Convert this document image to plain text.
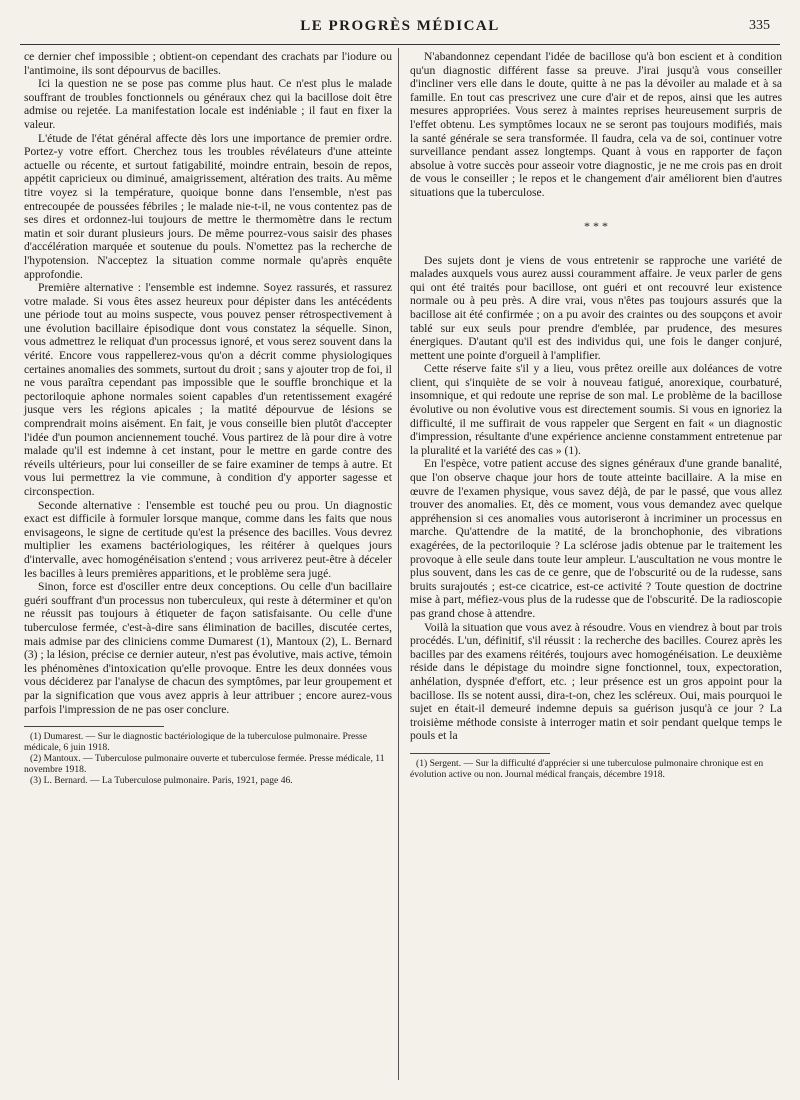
LE PROGRÈS MÉDICAL	335

ce dernier chef impossible ; obtient-on cependant des crachats par l'iodure ou l'antimoine, ils sont dépourvus de bacilles.

Ici la question ne se pose pas comme plus haut. Ce n'est plus le malade souffrant de troubles fonctionnels ou généraux chez qui la bacillose doit être admise ou rejetée. La manifestation locale est indéniable ; il faut en fixer la valeur.

L'étude de l'état général affecte dès lors une importance de premier ordre. Portez-y votre effort. Cherchez tous les troubles révélateurs d'une atteinte actuelle ou récente, et surtout fatigabilité, moindre entrain, besoin de repos, appétit capricieux ou diminué, amaigrissement, altération des traits. Au même titre voyez si la température, quoique bonne dans l'ensemble, n'est pas entrecoupée de poussées fébriles ; le malade nie-t-il, ne vous contentez pas de ses dires et ordonnez-lui toujours de mettre le thermomètre dans le rectum matin et soir durant plusieurs jours. De même pourrez-vous saisir des phases d'accélération marquée et soutenue du pouls. N'omettez pas la recherche de l'hypotension. N'acceptez la situation comme normale qu'après enquête approfondie.

Première alternative : l'ensemble est indemne. Soyez rassurés, et rassurez votre malade. Si vous êtes assez heureux pour dépister dans les antécédents une période tout au moins suspecte, vous pouvez penser rétrospectivement à une évolution bacillaire épisodique dont vous constatez la séquelle. Sinon, vous admettrez le reliquat d'un processus ignoré, et vous serez souvent dans la vérité. Encore vous rappellerez-vous qu'on a décrit comme physiologiques certaines anomalies des sommets, surtout du droit ; sans y ajouter trop de foi, il ne vous paraîtra cependant pas impossible que le souffle bronchique et la pectoriloquie aphone normales soient capables d'un retentissement exagéré jusque vers les régions apicales ; la matité dépourvue de lésions se comprendrait moins aisément. En fait, je vous conseille bien plutôt d'accepter l'idée d'un poumon anciennement touché. Vous partirez de là pour dire à votre malade qu'il est indemne à cet instant, pour le mettre en garde contre des réveils ultérieurs, pour lui conseiller de se faire examiner de temps à autre. Et vous lui permettrez la vie commune, à condition d'y apporter sagesse et circonspection.

Seconde alternative : l'ensemble est touché peu ou prou. Un diagnostic exact est difficile à formuler lorsque manque, comme dans les faits que nous envisageons, le signe de certitude qu'est la présence des bacilles. Vous devrez multiplier les examens bactériologiques, les réitérer à quelques jours d'intervalle, avec homogénéisation s'entend ; vous arriverez peut-être à déceler les bacilles à leurs premières apparitions, et le problème sera jugé.

Sinon, force est d'osciller entre deux conceptions. Ou celle d'un bacillaire guéri souffrant d'un processus non tuberculeux, qui reste à déterminer et qu'on ne réussit pas toujours à étiqueter de façon satisfaisante. Ou celle d'une tuberculose fermée, c'est-à-dire sans élimination de bacilles, discutée certes, mais admise par des cliniciens comme Dumarest (1), Mantoux (2), L. Bernard (3) ; la lésion, précise ce dernier auteur, n'est pas évolutive, mais active, témoin les phénomènes d'intoxication qu'elle provoque. Entre les deux données vous vous déciderez par l'analyse de chacun des symptômes, par leur groupement et par la signification que vous avez appris à leur attribuer ; encore aurez-vous parfois l'impression de ne pas oser conclure.

(1) Dumarest. — Sur le diagnostic bactériologique de la tuberculose pulmonaire. Presse médicale, 6 juin 1918.
(2) Mantoux. — Tuberculose pulmonaire ouverte et tuberculose fermée. Presse médicale, 11 novembre 1918.
(3) L. Bernard. — La Tuberculose pulmonaire. Paris, 1921, page 46.

N'abandonnez cependant l'idée de bacillose qu'à bon escient et à condition qu'un diagnostic différent fasse sa preuve. J'irai jusqu'à vous conseiller d'incliner vers elle dans le doute, quitte à ne pas la dévoiler au malade et à sa famille. En tout cas prescrivez une cure d'air et de repos, ainsi que les autres mesures appropriées. Vous serez à maintes reprises heureusement surpris de l'effet obtenu. Les symptômes locaux ne se seront pas toujours modifiés, mais la santé générale se sera transformée. Il faudra, cela va de soi, continuer votre surveillance pendant assez longtemps. Quant à vous en rapporter de façon absolue à votre succès pour asseoir votre diagnostic, je ne me crois pas en droit de vous le conseiller ; le repos et le changement d'air améliorent bien d'autres situations que la tuberculose.

* * *

Des sujets dont je viens de vous entretenir se rapproche une variété de malades auxquels vous aurez aussi couramment affaire. Je veux parler de gens qui ont été traités pour bacillose, ont guéri et ont recouvré leur existence normale ou à peu près. A dire vrai, vous n'êtes pas toujours assurés que la bacillose ait été confirmée ; on a pu avoir des craintes ou des soupçons et avoir tablé sur eux seuls pour prendre d'emblée, par prudence, des mesures énergiques. D'autant qu'il est des individus qui, une fois le danger conjuré, mettent une pointe d'orgueil à l'amplifier.

Cette réserve faite s'il y a lieu, vous prêtez oreille aux doléances de votre client, qui s'inquiète de se voir à nouveau fatigué, anorexique, courbaturé, insomnique, et qui redoute une reprise de son mal. Le problème de la bacillose évolutive ou non évolutive vous est directement soumis. Si vous en ignoriez la difficulté, il me suffirait de vous rappeler que Sergent en fait « un diagnostic d'impression, résultante d'une expérience ancienne constamment entretenue par la pluralité et la variété des cas » (1).

En l'espèce, votre patient accuse des signes généraux d'une grande banalité, que l'on observe chaque jour hors de toute atteinte bacillaire. A la mise en œuvre de l'examen physique, vous savez déjà, de par le passé, que vous allez trouver des anomalies. Et, dès ce moment, vous vous demandez avec quelque appréhension si ces anomalies vous autoriseront à incriminer un processus en marche. Qu'attendre de la matité, de la bronchophonie, des vibrations exagérées, de la pectoriloquie ? La sclérose jadis obtenue par le traitement les provoque à elle seule dans toute leur ampleur. L'auscultation ne vous montre le plus souvent, dans les cas de ce genre, que de l'obscurité ou de la rudesse, sans bruits surajoutés ; est-ce cicatrice, est-ce activité ? Toute question de doctrine mise à part, méfiez-vous plus de la rudesse que de l'obscurité. De la radioscopie pas grand chose à attendre.

Voilà la situation que vous avez à résoudre. Vous en viendrez à bout par trois procédés. L'un, définitif, s'il réussit : la recherche des bacilles. Courez après les bacilles par des examens réitérés, toujours avec homogénéisation. Le deuxième réside dans le dépistage du moindre signe fonctionnel, toux, expectoration, anhélation, dyspnée d'effort, etc. ; leur présence est un gros appoint pour la bacillose. Ils se notent aussi, dira-t-on, chez les scléreux. Oui, mais pourquoi le sujet en était-il demeuré indemne depuis sa guérison jusqu'à ce jour ? La troisième méthode consiste à interroger matin et soir pendant quelque temps le pouls et la

(1) Sergent. — Sur la difficulté d'apprécier si une tuberculose pulmonaire chronique est en évolution active ou non. Journal médical français, décembre 1918.
